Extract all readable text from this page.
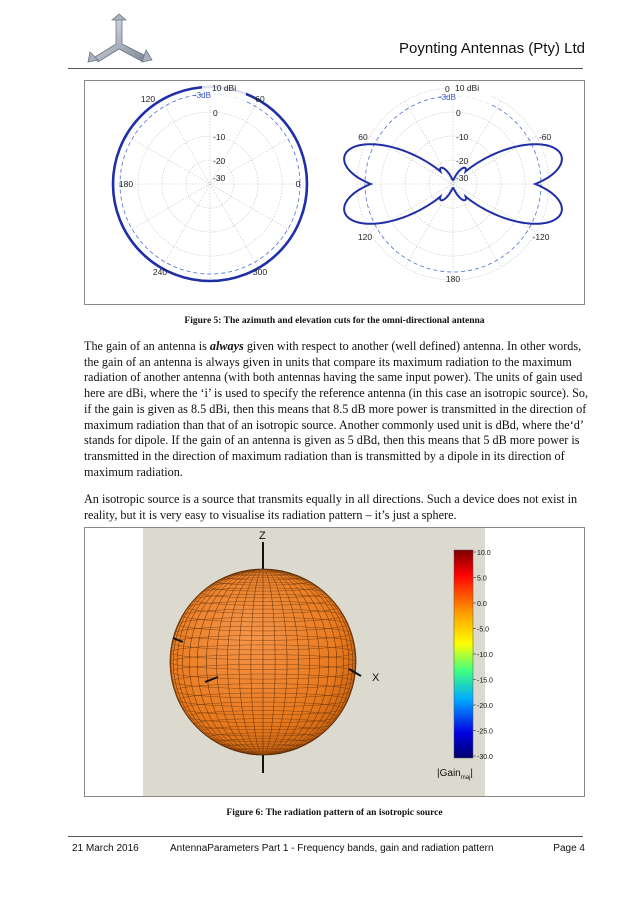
Poynting Antennas (Pty) Ltd
10 dBi
0
-10
-20
-30
-3dB
120	60
180	0
240	300
10 dBi
0
-10
-20
-30
-3dB
0
60	-60
120	-120
180
Figure 5: The azimuth and elevation cuts for the omni-directional antenna

The gain of an antenna is always given with respect to another (well defined) antenna. In other words, the gain of an antenna is always given in units that compare its maximum radiation to the maximum radiation of another antenna (with both antennas having the same input power). The units of gain used here are dBi, where the ‘i’ is used to specify the reference antenna (in this case an isotropic source). So, if the gain is given as 8.5 dBi, then this means that 8.5 dB more power is transmitted in the direction of maximum radiation than that of an isotropic source. Another commonly used unit is dBd, where the‘d’ stands for dipole. If the gain of an antenna is given as 5 dBd, then this means that 5 dB more power is transmitted in the direction of maximum radiation than is transmitted by a dipole in its direction of maximum radiation.

An isotropic source is a source that transmits equally in all directions. Such a device does not exist in reality, but it is very easy to visualise its radiation pattern – it’s just a sphere.

Z
X
10.0
5.0
0.0
-5.0
-10.0
-15.0
-20.0
-25.0
-30.0
|Gain$_{maj}$|
Figure 6: The radiation pattern of an isotropic source
21 March 2016	AntennaParameters Part 1 - Frequency bands, gain and radiation pattern	Page 4
